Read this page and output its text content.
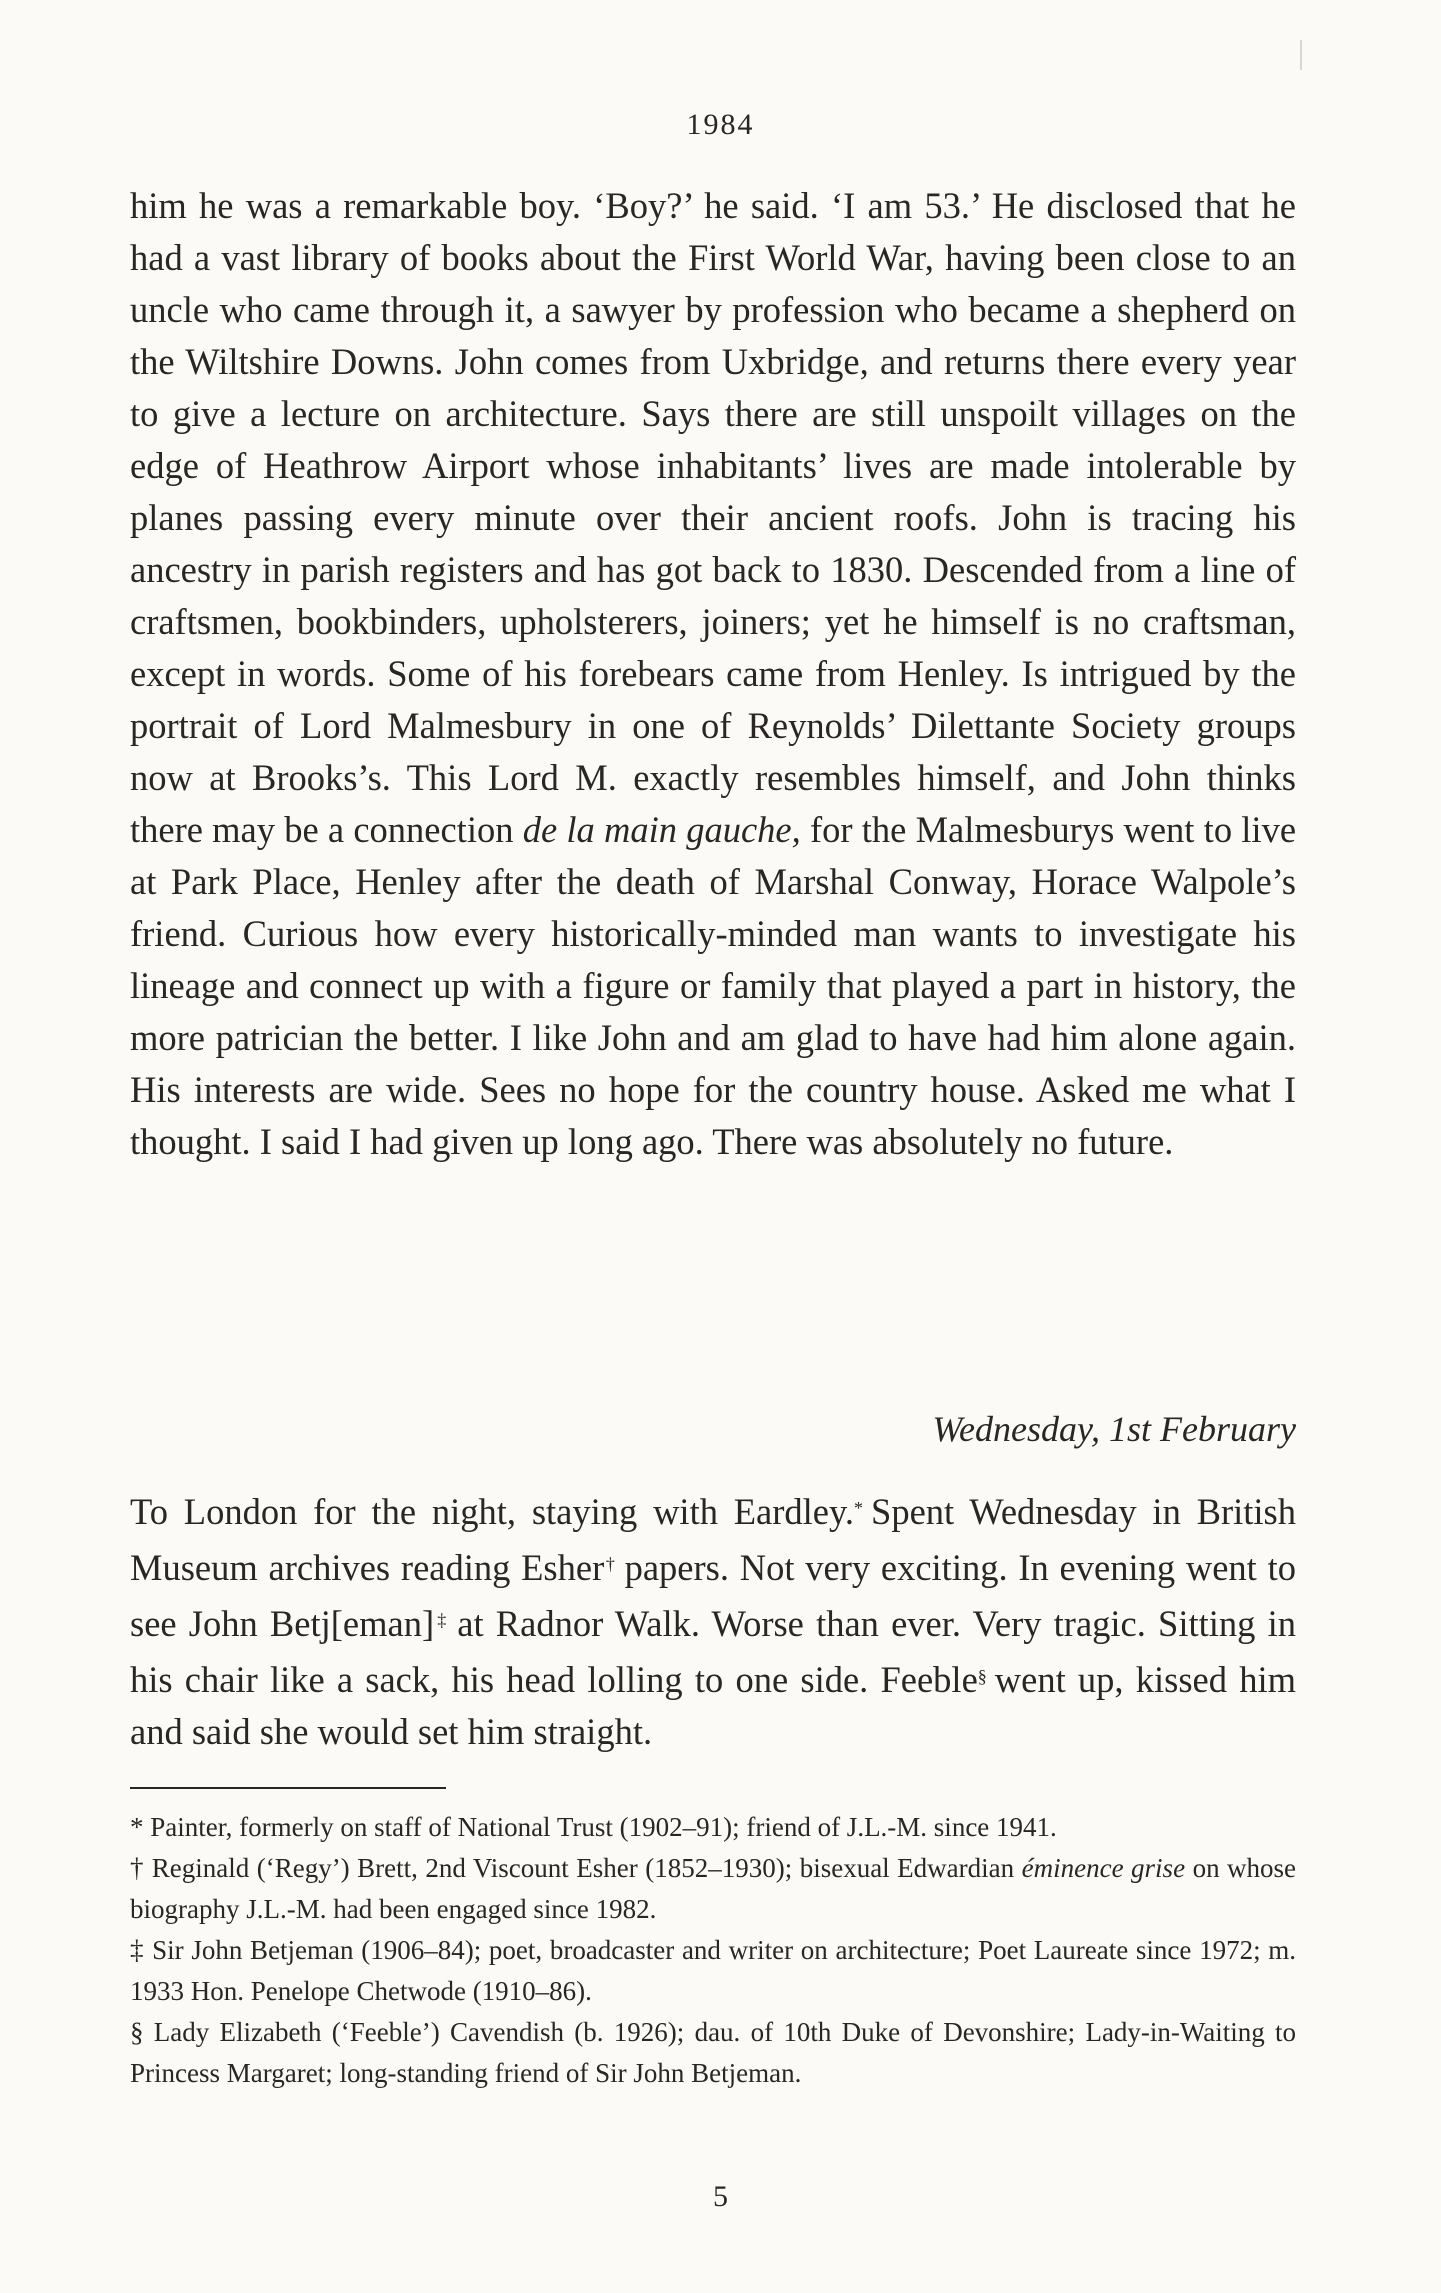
1984

him he was a remarkable boy. ‘Boy?’ he said. ‘I am 53.’ He disclosed that he had a vast library of books about the First World War, having been close to an uncle who came through it, a sawyer by profession who became a shepherd on the Wiltshire Downs. John comes from Uxbridge, and returns there every year to give a lecture on architecture. Says there are still unspoilt villages on the edge of Heathrow Airport whose inhabitants’ lives are made intolerable by planes passing every minute over their ancient roofs. John is tracing his ancestry in parish registers and has got back to 1830. Descended from a line of craftsmen, bookbinders, upholsterers, joiners; yet he himself is no craftsman, except in words. Some of his forebears came from Henley. Is intrigued by the portrait of Lord Malmesbury in one of Reynolds’ Dilettante Society groups now at Brooks’s. This Lord M. exactly resembles himself, and John thinks there may be a connection de la main gauche, for the Malmesburys went to live at Park Place, Henley after the death of Marshal Conway, Horace Walpole’s friend. Curious how every historically-minded man wants to investigate his lineage and connect up with a figure or family that played a part in history, the more patrician the better. I like John and am glad to have had him alone again. His interests are wide. Sees no hope for the country house. Asked me what I thought. I said I had given up long ago. There was absolutely no future.

Wednesday, 1st February

To London for the night, staying with Eardley.* Spent Wednesday in British Museum archives reading Esher† papers. Not very exciting. In evening went to see John Betj[eman]‡ at Radnor Walk. Worse than ever. Very tragic. Sitting in his chair like a sack, his head lolling to one side. Feeble§ went up, kissed him and said she would set him straight.

* Painter, formerly on staff of National Trust (1902–91); friend of J.L.-M. since 1941.

† Reginald (‘Regy’) Brett, 2nd Viscount Esher (1852–1930); bisexual Edwardian éminence grise on whose biography J.L.-M. had been engaged since 1982.

‡ Sir John Betjeman (1906–84); poet, broadcaster and writer on architecture; Poet Laureate since 1972; m. 1933 Hon. Penelope Chetwode (1910–86).

§ Lady Elizabeth (‘Feeble’) Cavendish (b. 1926); dau. of 10th Duke of Devonshire; Lady-in-Waiting to Princess Margaret; long-standing friend of Sir John Betjeman.

5
